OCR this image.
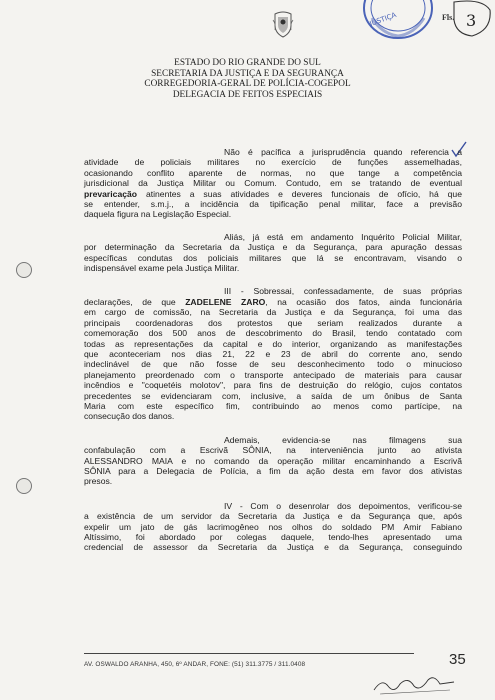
JUSTIÇA	Fls. 3
ESTADO DO RIO GRANDE DO SUL
SECRETARIA DA JUSTIÇA E DA SEGURANÇA
CORREGEDORIA-GERAL DE POLÍCIA-COGEPOL
DELEGACIA DE FEITOS ESPECIAIS
Não é pacífica a jurisprudência quando referencia a
atividade de policiais militares no exercício de funções assemelhadas,
ocasionando conflito aparente de normas, no que tange a competência
jurisdicional da Justiça Militar ou Comum. Contudo, em se tratando de eventual
prevaricação atinentes a suas atividades e deveres funcionais de ofício, há que
se entender, s.m.j., a incidência da tipificação penal militar, face a previsão
daquela figura na Legislação Especial.
Aliás, já está em andamento Inquérito Policial Militar,
por determinação da Secretaria da Justiça e da Segurança, para apuração dessas
específicas condutas dos policiais militares que lá se encontravam, visando o
indispensável exame pela Justiça Militar.
III - Sobressai, confessadamente, de suas próprias
declarações, de que ZADELENE ZARO, na ocasião dos fatos, ainda funcionária
em cargo de comissão, na Secretaria da Justiça e da Segurança, foi uma das
principais coordenadoras dos protestos que seriam realizados durante a
comemoração dos 500 anos de descobrimento do Brasil, tendo contatado com
todas as representações da capital e do interior, organizando as manifestações
que aconteceriam nos dias 21, 22 e 23 de abril do corrente ano, sendo
indeclinável de que não fosse de seu desconhecimento todo o minucioso
planejamento preordenado com o transporte antecipado de materiais para causar
incêndios e "coquetéis molotov", para fins de destruição do relógio, cujos contatos
precedentes se evidenciaram com, inclusive, a saída de um ônibus de Santa
Maria com este específico fim, contribuindo ao menos como partícipe, na
consecução dos danos.
Ademais, evidencia-se nas filmagens sua
confabulação com a Escrivã SÔNIA, na interveniência junto ao ativista
ALESSANDRO MAIA e no comando da operação militar encaminhando a Escrivã
SÔNIA para a Delegacia de Polícia, a fim da ação desta em favor dos ativistas
presos.
IV - Com o desenrolar dos depoimentos, verificou-se
a existência de um servidor da Secretaria da Justiça e da Segurança que, após
expelir um jato de gás lacrimogêneo nos olhos do soldado PM Amir Fabiano
Altíssimo, foi abordado por colegas daquele, tendo-lhes apresentado uma
credencial de assessor da Secretaria da Justiça e da Segurança, conseguindo
AV. OSWALDO ARANHA, 450, 6º ANDAR, FONE: (51) 311.3775 / 311.0408	35
